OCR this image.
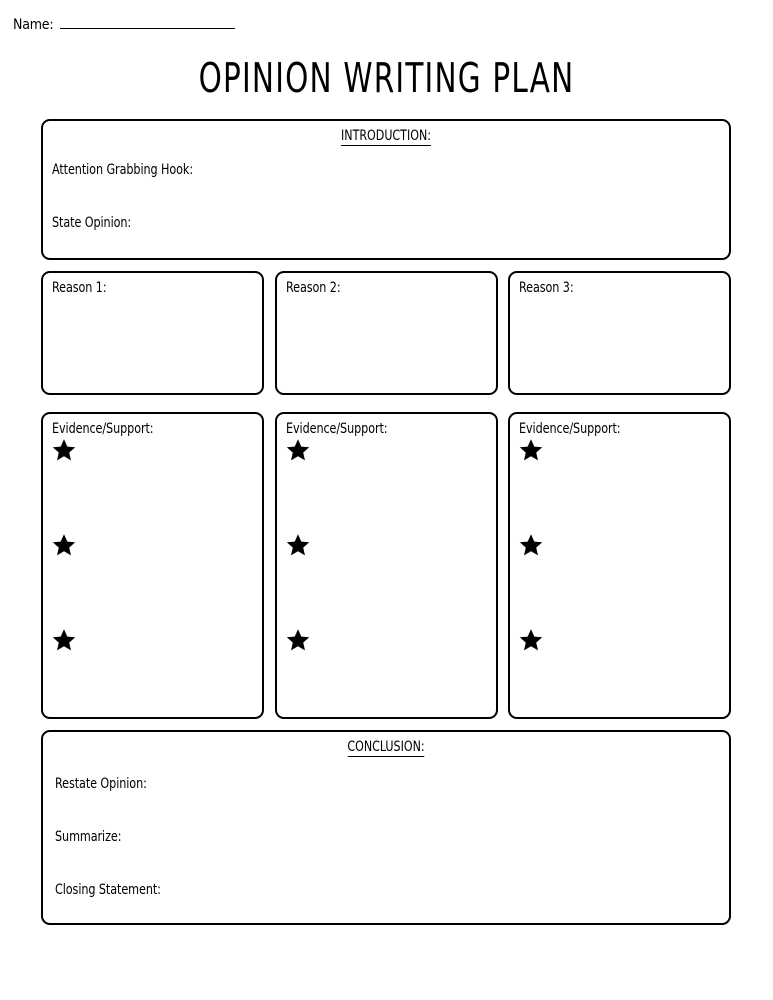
Name:
OPINION WRITING PLAN
INTRODUCTION:
Attention Grabbing Hook:
State Opinion:
Reason 1:	Reason 2:	Reason 3:
Evidence/Support:	Evidence/Support:	Evidence/Support:
CONCLUSION:
Restate Opinion:
Summarize:
Closing Statement:
